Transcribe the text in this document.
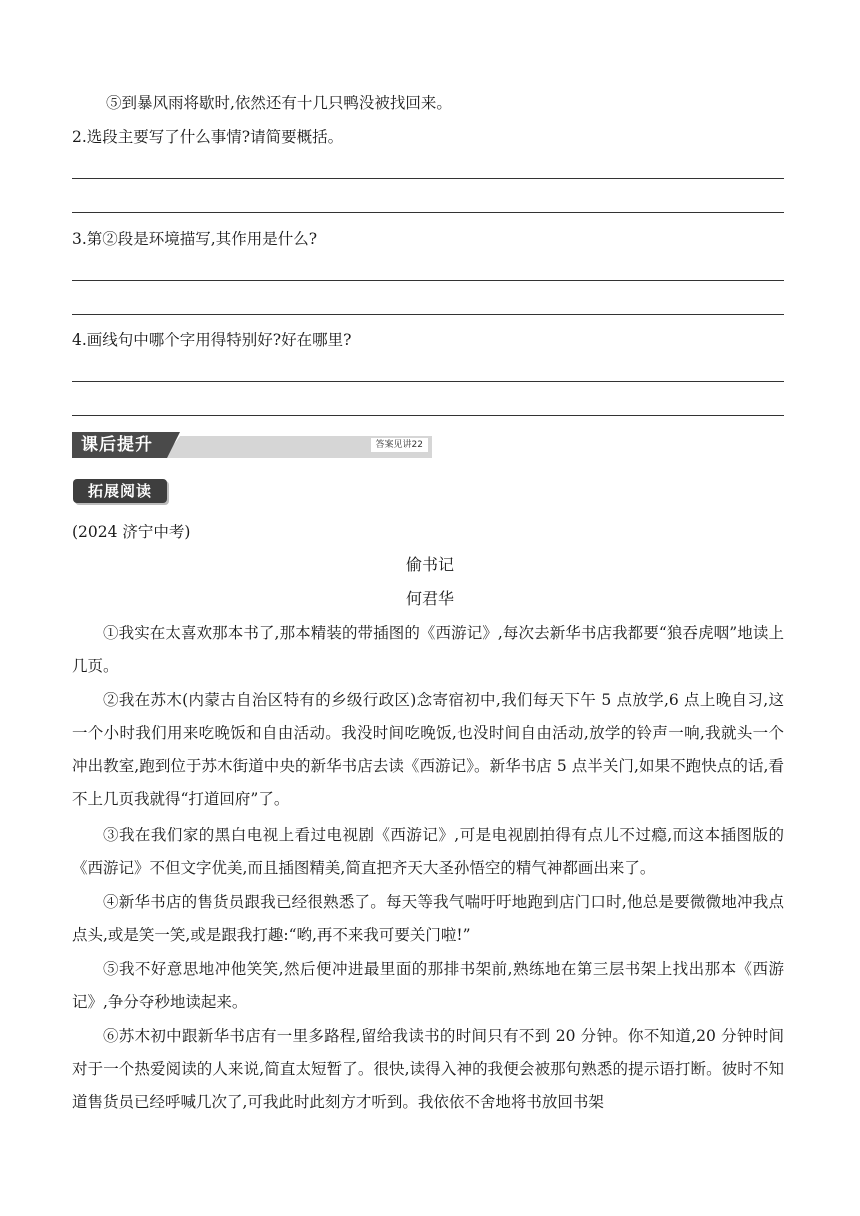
⑤到暴风雨将歇时,依然还有十几只鸭没被找回来。
2.选段主要写了什么事情?请简要概括。
3.第②段是环境描写,其作用是什么?
4.画线句中哪个字用得特别好?好在哪里?
课后提升	答案见讲22
拓展阅读
(2024 济宁中考)
偷书记
何君华
①我实在太喜欢那本书了,那本精装的带插图的《西游记》,每次去新华书店我都要“狼吞虎咽”地读上几页。
②我在苏木(内蒙古自治区特有的乡级行政区)念寄宿初中,我们每天下午 5 点放学,6 点上晚自习,这一个小时我们用来吃晚饭和自由活动。我没时间吃晚饭,也没时间自由活动,放学的铃声一响,我就头一个冲出教室,跑到位于苏木街道中央的新华书店去读《西游记》。新华书店 5 点半关门,如果不跑快点的话,看不上几页我就得“打道回府”了。
③我在我们家的黑白电视上看过电视剧《西游记》,可是电视剧拍得有点儿不过瘾,而这本插图版的《西游记》不但文字优美,而且插图精美,简直把齐天大圣孙悟空的精气神都画出来了。
④新华书店的售货员跟我已经很熟悉了。每天等我气喘吁吁地跑到店门口时,他总是要微微地冲我点点头,或是笑一笑,或是跟我打趣:“哟,再不来我可要关门啦!”
⑤我不好意思地冲他笑笑,然后便冲进最里面的那排书架前,熟练地在第三层书架上找出那本《西游记》,争分夺秒地读起来。
⑥苏木初中跟新华书店有一里多路程,留给我读书的时间只有不到 20 分钟。你不知道,20 分钟时间对于一个热爱阅读的人来说,简直太短暂了。很快,读得入神的我便会被那句熟悉的提示语打断。彼时不知道售货员已经呼喊几次了,可我此时此刻方才听到。我依依不舍地将书放回书架
